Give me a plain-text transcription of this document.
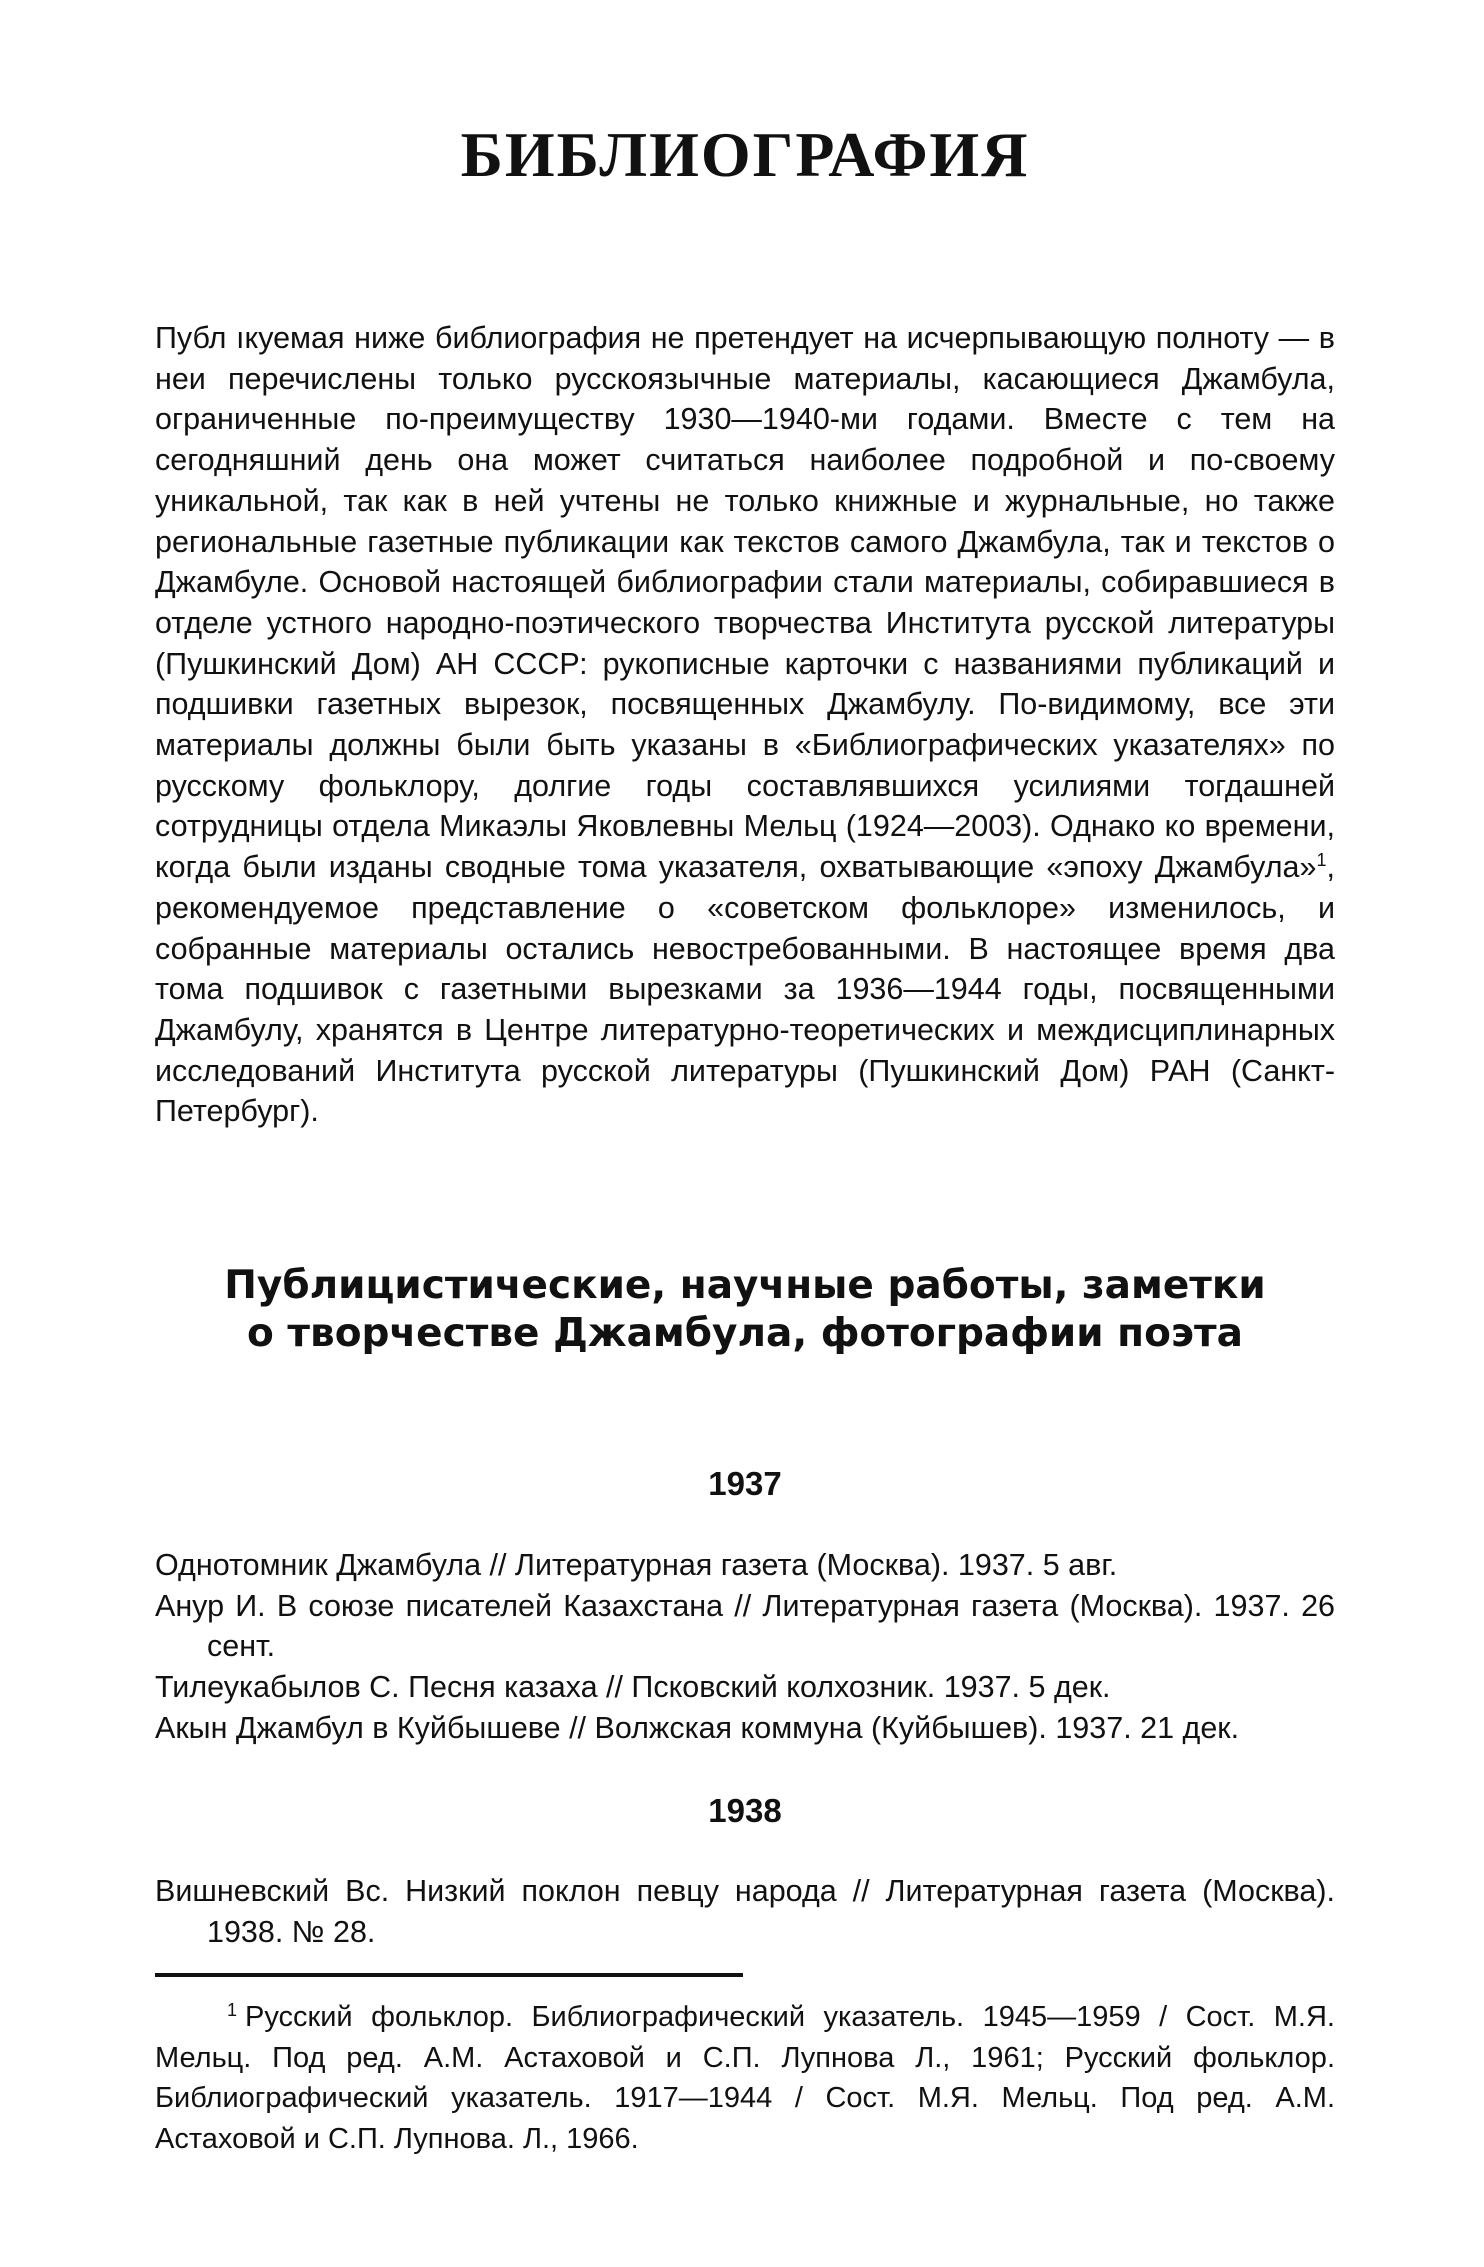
БИБЛИОГРАФИЯ

Публ ıкуемая ниже библиография не претендует на исчерпывающую полноту — в неи перечислены только русскоязычные материалы, касающиеся Джамбула, ограниченные по-преимуществу 1930—1940-ми годами. Вместе с тем на сегодняшний день она может считаться наиболее подробной и по-своему уникальной, так как в ней учтены не только книжные и журнальные, но также региональные газетные публикации как текстов самого Джамбула, так и текстов о Джамбуле. Основой настоящей библиографии стали материалы, собиравшиеся в отделе устного народно-поэтического творчества Института русской литературы (Пушкинский Дом) АН СССР: рукописные карточки с названиями публикаций и подшивки газетных вырезок, посвященных Джамбулу. По-видимому, все эти материалы должны были быть указаны в «Библиографических указателях» по русскому фольклору, долгие годы составлявшихся усилиями тогдашней сотрудницы отдела Микаэлы Яковлевны Мельц (1924—2003). Однако ко времени, когда были изданы сводные тома указателя, охватывающие «эпоху Джамбула»$^1$, рекомендуемое представление о «советском фольклоре» изменилось, и собранные материалы остались невостребованными. В настоящее время два тома подшивок с газетными вырезками за 1936—1944 годы, посвященными Джамбулу, хранятся в Центре литературно-теоретических и междисциплинарных исследований Института русской литературы (Пушкинский Дом) РАН (Санкт-Петербург).

Публицистические, научные работы, заметки
о творчестве Джамбула, фотографии поэта
1937
Однотомник Джамбула // Литературная газета (Москва). 1937. 5 авг.
Анур И. В союзе писателей Казахстана // Литературная газета (Москва). 1937. 26 сент.
Тилеукабылов С. Песня казаха // Псковский колхозник. 1937. 5 дек.
Акын Джамбул в Куйбышеве // Волжская коммуна (Куйбышев). 1937. 21 дек.
1938
Вишневский Вс. Низкий поклон певцу народа // Литературная газета (Москва). 1938. № 28.

$^1$ Русский фольклор. Библиографический указатель. 1945—1959 / Сост. М.Я. Мельц. Под ред. А.М. Астаховой и С.П. Лупнова Л., 1961; Русский фольклор. Библиографический указатель. 1917—1944 / Сост. М.Я. Мельц. Под ред. А.М. Астаховой и С.П. Лупнова. Л., 1966.
